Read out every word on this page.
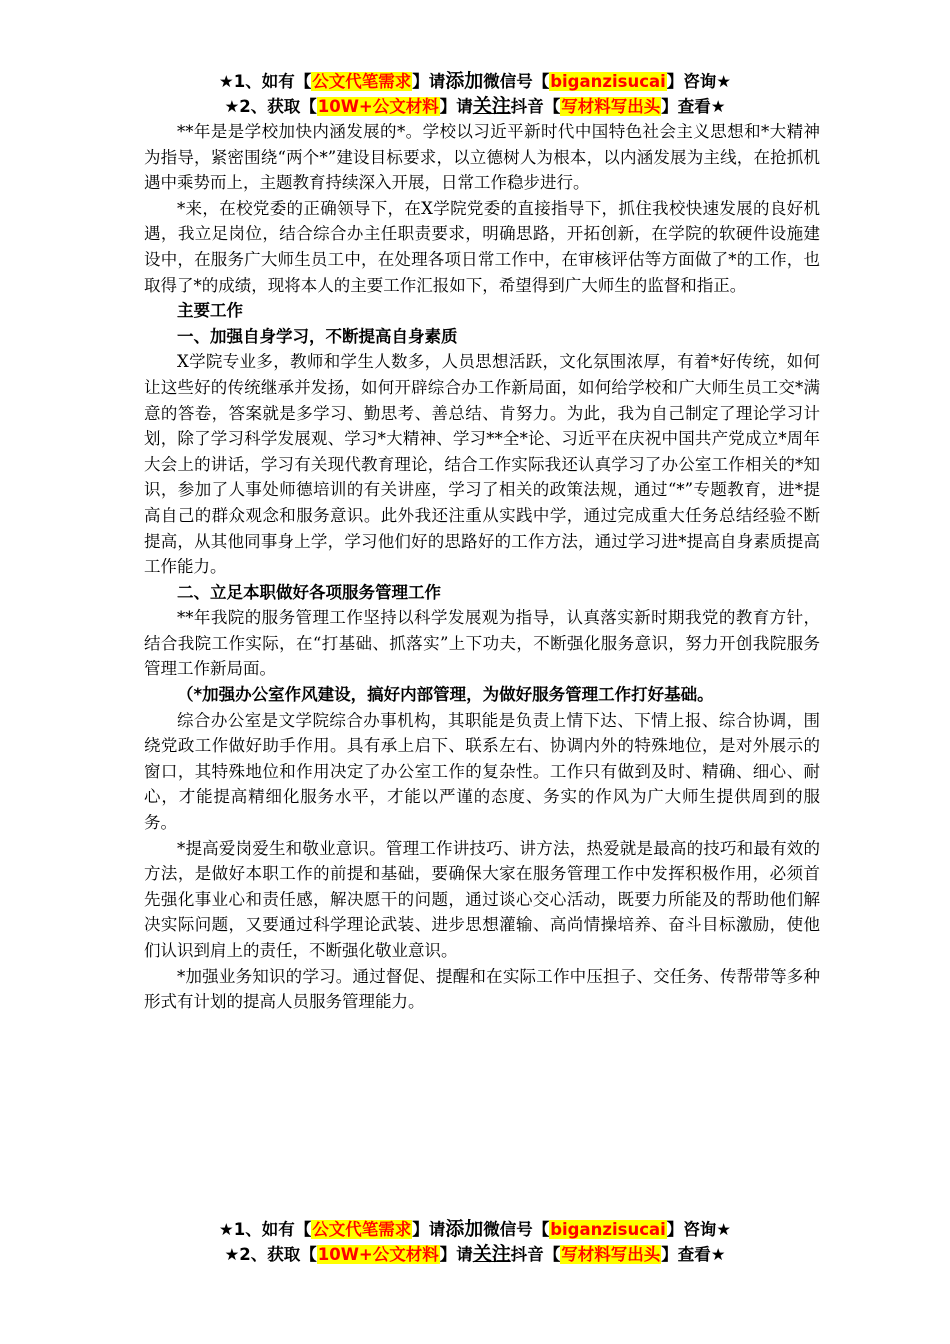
★1、如有【公文代笔需求】请添加微信号【biganzisucai】咨询★
★2、获取【10W+公文材料】请关注抖音【写材料写出头】查看★

**年是是学校加快内涵发展的*。学校以习近平新时代中国特色社会主义思想和*大精神为指导，紧密围绕“两个*”建设目标要求，以立德树人为根本，以内涵发展为主线，在抢抓机遇中乘势而上，主题教育持续深入开展，日常工作稳步进行。

*来，在校党委的正确领导下，在X学院党委的直接指导下，抓住我校快速发展的良好机遇，我立足岗位，结合综合办主任职责要求，明确思路，开拓创新，在学院的软硬件设施建设中，在服务广大师生员工中，在处理各项日常工作中，在审核评估等方面做了*的工作，也取得了*的成绩，现将本人的主要工作汇报如下，希望得到广大师生的监督和指正。

主要工作

一、加强自身学习，不断提高自身素质

X学院专业多，教师和学生人数多，人员思想活跃，文化氛围浓厚，有着*好传统，如何让这些好的传统继承并发扬，如何开辟综合办工作新局面，如何给学校和广大师生员工交*满意的答卷，答案就是多学习、勤思考、善总结、肯努力。为此，我为自己制定了理论学习计划，除了学习科学发展观、学习*大精神、学习**全*论、习近平在庆祝中国共产党成立*周年大会上的讲话，学习有关现代教育理论，结合工作实际我还认真学习了办公室工作相关的*知识，参加了人事处师德培训的有关讲座，学习了相关的政策法规，通过“*”专题教育，进*提高自己的群众观念和服务意识。此外我还注重从实践中学，通过完成重大任务总结经验不断提高，从其他同事身上学，学习他们好的思路好的工作方法，通过学习进*提高自身素质提高工作能力。

二、立足本职做好各项服务管理工作

**年我院的服务管理工作坚持以科学发展观为指导，认真落实新时期我党的教育方针，结合我院工作实际，在“打基础、抓落实”上下功夫，不断强化服务意识，努力开创我院服务管理工作新局面。

（*加强办公室作风建设，搞好内部管理，为做好服务管理工作打好基础。

综合办公室是文学院综合办事机构，其职能是负责上情下达、下情上报、综合协调，围绕党政工作做好助手作用。具有承上启下、联系左右、协调内外的特殊地位，是对外展示的窗口，其特殊地位和作用决定了办公室工作的复杂性。工作只有做到及时、精确、细心、耐心，才能提高精细化服务水平，才能以严谨的态度、务实的作风为广大师生提供周到的服务。

*提高爱岗爱生和敬业意识。管理工作讲技巧、讲方法，热爱就是最高的技巧和最有效的方法，是做好本职工作的前提和基础，要确保大家在服务管理工作中发挥积极作用，必须首先强化事业心和责任感，解决愿干的问题，通过谈心交心活动，既要力所能及的帮助他们解决实际问题，又要通过科学理论武装、进步思想灌输、高尚情操培养、奋斗目标激励，使他们认识到肩上的责任，不断强化敬业意识。

*加强业务知识的学习。通过督促、提醒和在实际工作中压担子、交任务、传帮带等多种形式有计划的提高人员服务管理能力。

★1、如有【公文代笔需求】请添加微信号【biganzisucai】咨询★
★2、获取【10W+公文材料】请关注抖音【写材料写出头】查看★
